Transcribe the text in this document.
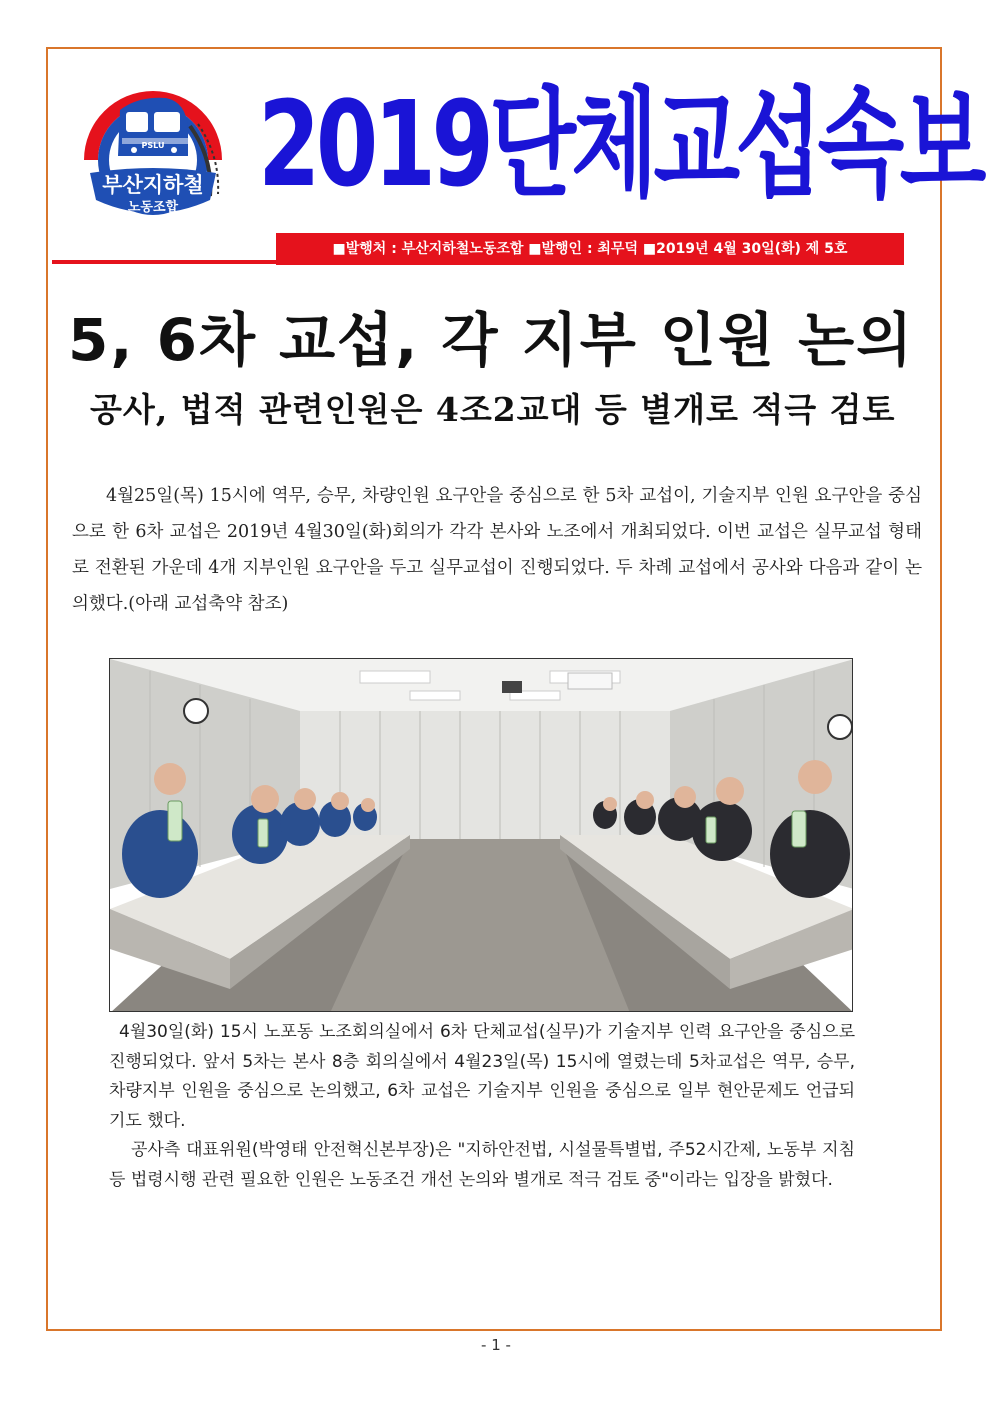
PSLU
부산지하철
노동조합 2019단체교섭속보
■발행처 : 부산지하철노동조합 ■발행인 : 최무덕 ■2019년 4월 30일(화) 제 5호
5, 6차 교섭, 각 지부 인원 논의
공사, 법적 관련인원은 4조2교대 등 별개로 적극 검토

4월25일(목) 15시에 역무, 승무, 차량인원 요구안을 중심으로 한 5차 교섭이, 기술지부 인원 요구안을 중심으로 한 6차 교섭은 2019년 4월30일(화)회의가 각각 본사와 노조에서 개최되었다. 이번 교섭은 실무교섭 형태로 전환된 가운데 4개 지부인원 요구안을 두고 실무교섭이 진행되었다. 두 차례 교섭에서 공사와 다음과 같이 논의했다.(아래 교섭축약 참조)

4월30일(화) 15시 노포동 노조회의실에서 6차 단체교섭(실무)가 기술지부 인력 요구안을 중심으로 진행되었다. 앞서 5차는 본사 8층 회의실에서 4월23일(목) 15시에 열렸는데 5차교섭은 역무, 승무, 차량지부 인원을 중심으로 논의했고, 6차 교섭은 기술지부 인원을 중심으로 일부 현안문제도 언급되기도 했다.

공사측 대표위원(박영태 안전혁신본부장)은 "지하안전법, 시설물특별법, 주52시간제, 노동부 지침 등 법령시행 관련 필요한 인원은 노동조건 개선 논의와 별개로 적극 검토 중"이라는 입장을 밝혔다.

- 1 -
